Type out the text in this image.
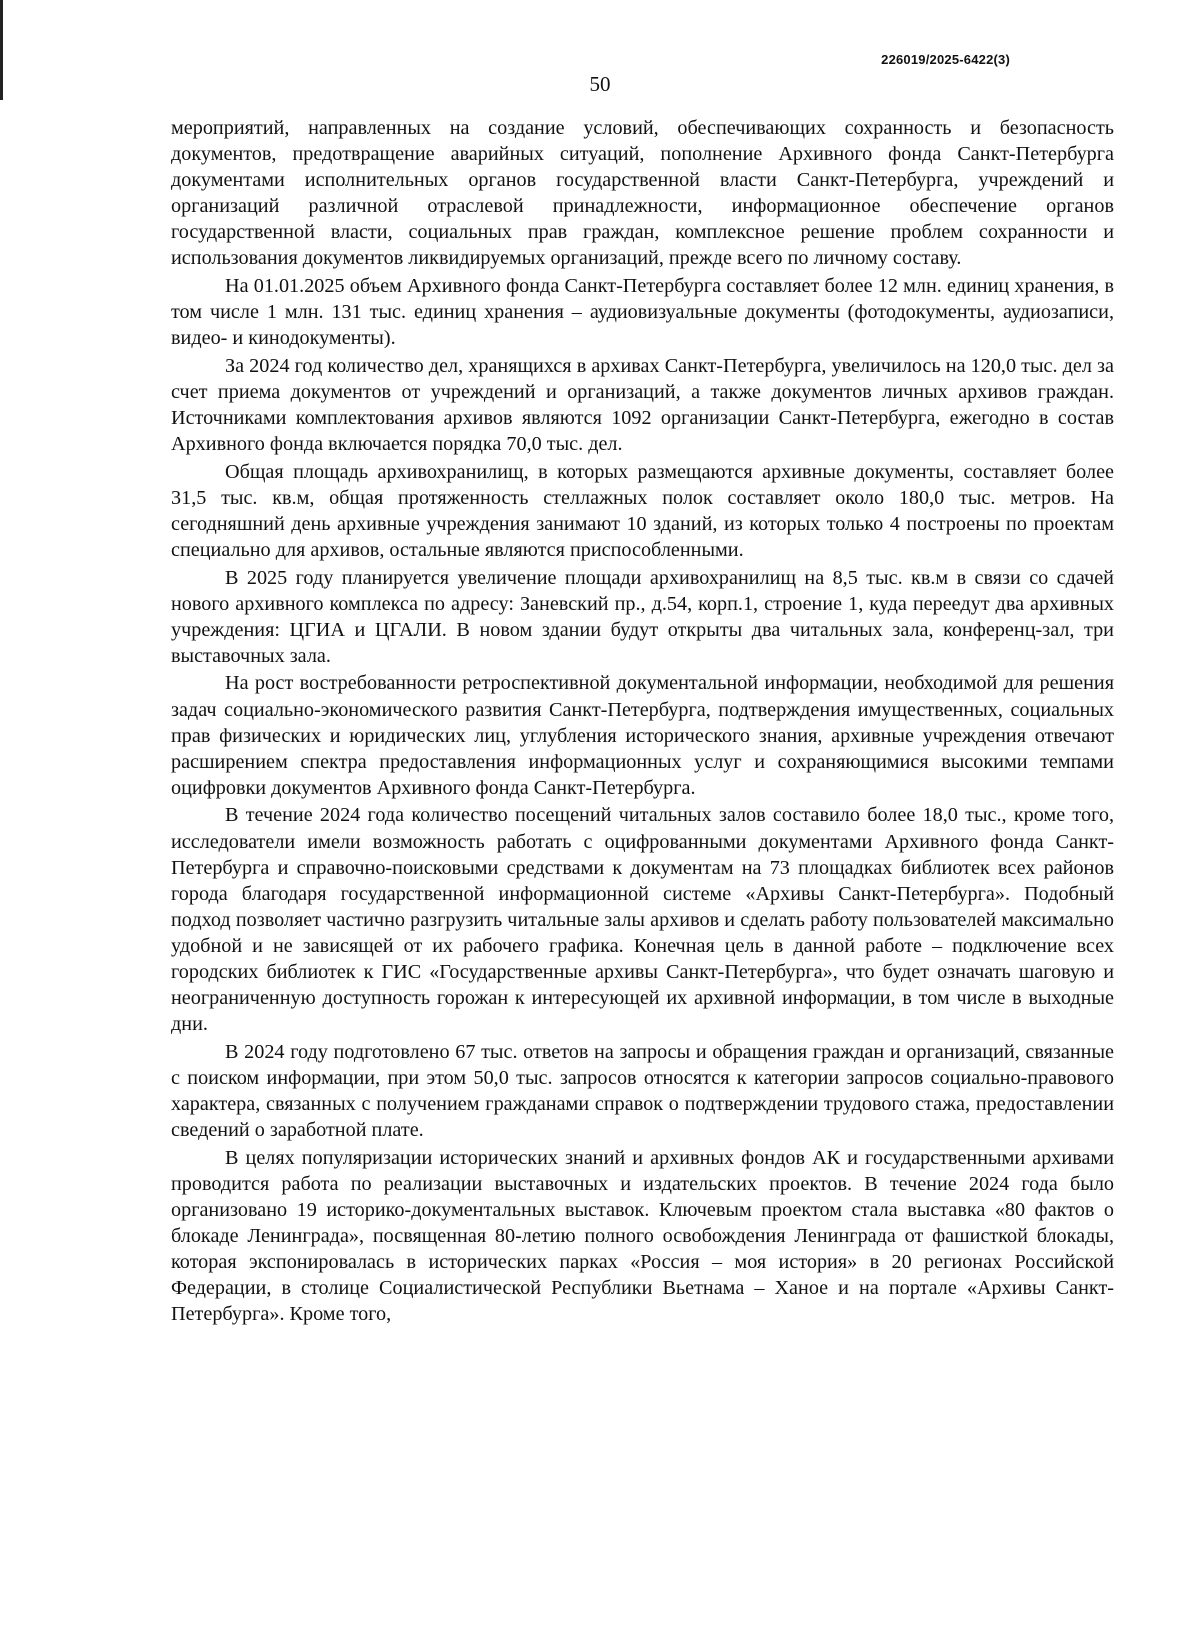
226019/2025-6422(3)
50

мероприятий, направленных на создание условий, обеспечивающих сохранность и безопасность документов, предотвращение аварийных ситуаций, пополнение Архивного фонда Санкт-Петербурга документами исполнительных органов государственной власти Санкт-Петербурга, учреждений и организаций различной отраслевой принадлежности, информационное обеспечение органов государственной власти, социальных прав граждан, комплексное решение проблем сохранности и использования документов ликвидируемых организаций, прежде всего по личному составу.

На 01.01.2025 объем Архивного фонда Санкт-Петербурга составляет более 12 млн. единиц хранения, в том числе 1 млн. 131 тыс. единиц хранения – аудиовизуальные документы (фотодокументы, аудиозаписи, видео- и кинодокументы).

За 2024 год количество дел, хранящихся в архивах Санкт-Петербурга, увеличилось на 120,0 тыс. дел за счет приема документов от учреждений и организаций, а также документов личных архивов граждан. Источниками комплектования архивов являются 1092 организации Санкт-Петербурга, ежегодно в состав Архивного фонда включается порядка 70,0 тыс. дел.

Общая площадь архивохранилищ, в которых размещаются архивные документы, составляет более 31,5 тыс. кв.м, общая протяженность стеллажных полок составляет около 180,0 тыс. метров. На сегодняшний день архивные учреждения занимают 10 зданий, из которых только 4 построены по проектам специально для архивов, остальные являются приспособленными.

В 2025 году планируется увеличение площади архивохранилищ на 8,5 тыс. кв.м в связи со сдачей нового архивного комплекса по адресу: Заневский пр., д.54, корп.1, строение 1, куда переедут два архивных учреждения: ЦГИА и ЦГАЛИ. В новом здании будут открыты два читальных зала, конференц-зал, три выставочных зала.

На рост востребованности ретроспективной документальной информации, необходимой для решения задач социально-экономического развития Санкт-Петербурга, подтверждения имущественных, социальных прав физических и юридических лиц, углубления исторического знания, архивные учреждения отвечают расширением спектра предоставления информационных услуг и сохраняющимися высокими темпами оцифровки документов Архивного фонда Санкт-Петербурга.

В течение 2024 года количество посещений читальных залов составило более 18,0 тыс., кроме того, исследователи имели возможность работать с оцифрованными документами Архивного фонда Санкт-Петербурга и справочно-поисковыми средствами к документам на 73 площадках библиотек всех районов города благодаря государственной информационной системе «Архивы Санкт-Петербурга». Подобный подход позволяет частично разгрузить читальные залы архивов и сделать работу пользователей максимально удобной и не зависящей от их рабочего графика. Конечная цель в данной работе – подключение всех городских библиотек к ГИС «Государственные архивы Санкт-Петербурга», что будет означать шаговую и неограниченную доступность горожан к интересующей их архивной информации, в том числе в выходные дни.

В 2024 году подготовлено 67 тыс. ответов на запросы и обращения граждан и организаций, связанные с поиском информации, при этом 50,0 тыс. запросов относятся к категории запросов социально-правового характера, связанных с получением гражданами справок о подтверждении трудового стажа, предоставлении сведений о заработной плате.

В целях популяризации исторических знаний и архивных фондов АК и государственными архивами проводится работа по реализации выставочных и издательских проектов. В течение 2024 года было организовано 19 историко-документальных выставок. Ключевым проектом стала выставка «80 фактов о блокаде Ленинграда», посвященная 80-летию полного освобождения Ленинграда от фашисткой блокады, которая экспонировалась в исторических парках «Россия – моя история» в 20 регионах Российской Федерации, в столице Социалистической Республики Вьетнама – Ханое и на портале «Архивы Санкт-Петербурга». Кроме того,
